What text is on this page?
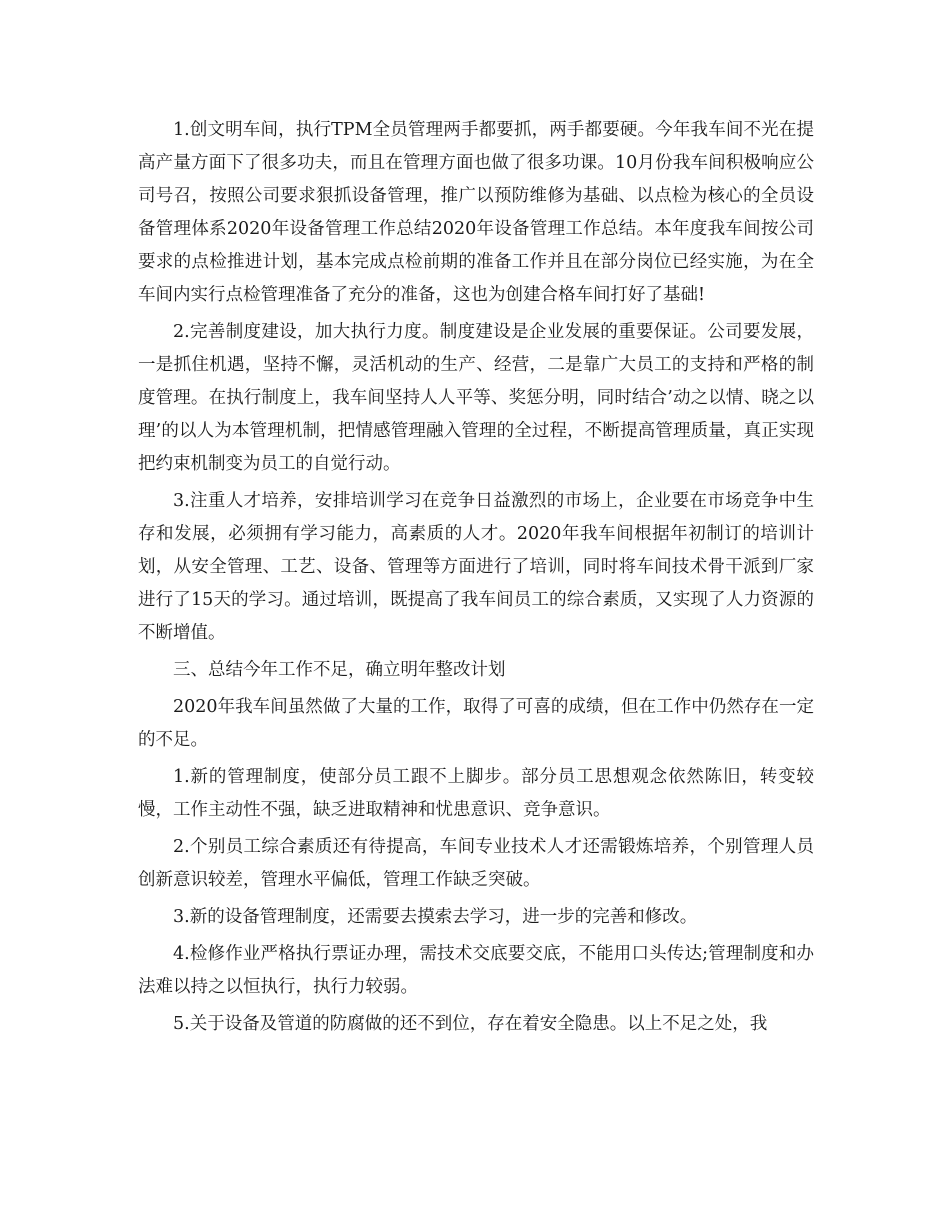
1.创文明车间，执行TPM全员管理两手都要抓，两手都要硬。今年我车间不光在提高产量方面下了很多功夫，而且在管理方面也做了很多功课。10月份我车间积极响应公司号召，按照公司要求狠抓设备管理，推广以预防维修为基础、以点检为核心的全员设备管理体系2020年设备管理工作总结2020年设备管理工作总结。本年度我车间按公司要求的点检推进计划，基本完成点检前期的准备工作并且在部分岗位已经实施，为在全车间内实行点检管理准备了充分的准备，这也为创建合格车间打好了基础!

2.完善制度建设，加大执行力度。制度建设是企业发展的重要保证。公司要发展，一是抓住机遇，坚持不懈，灵活机动的生产、经营，二是靠广大员工的支持和严格的制度管理。在执行制度上，我车间坚持人人平等、奖惩分明，同时结合’动之以情、晓之以理’的以人为本管理机制，把情感管理融入管理的全过程，不断提高管理质量，真正实现把约束机制变为员工的自觉行动。

3.注重人才培养，安排培训学习在竞争日益激烈的市场上，企业要在市场竞争中生存和发展，必须拥有学习能力，高素质的人才。2020年我车间根据年初制订的培训计划，从安全管理、工艺、设备、管理等方面进行了培训，同时将车间技术骨干派到厂家进行了15天的学习。通过培训，既提高了我车间员工的综合素质，又实现了人力资源的不断增值。

三、总结今年工作不足，确立明年整改计划

2020年我车间虽然做了大量的工作，取得了可喜的成绩，但在工作中仍然存在一定的不足。

1.新的管理制度，使部分员工跟不上脚步。部分员工思想观念依然陈旧，转变较慢，工作主动性不强，缺乏进取精神和忧患意识、竞争意识。

2.个别员工综合素质还有待提高，车间专业技术人才还需锻炼培养，个别管理人员创新意识较差，管理水平偏低，管理工作缺乏突破。

3.新的设备管理制度，还需要去摸索去学习，进一步的完善和修改。

4.检修作业严格执行票证办理，需技术交底要交底，不能用口头传达;管理制度和办法难以持之以恒执行，执行力较弱。

5.关于设备及管道的防腐做的还不到位，存在着安全隐患。以上不足之处，我
